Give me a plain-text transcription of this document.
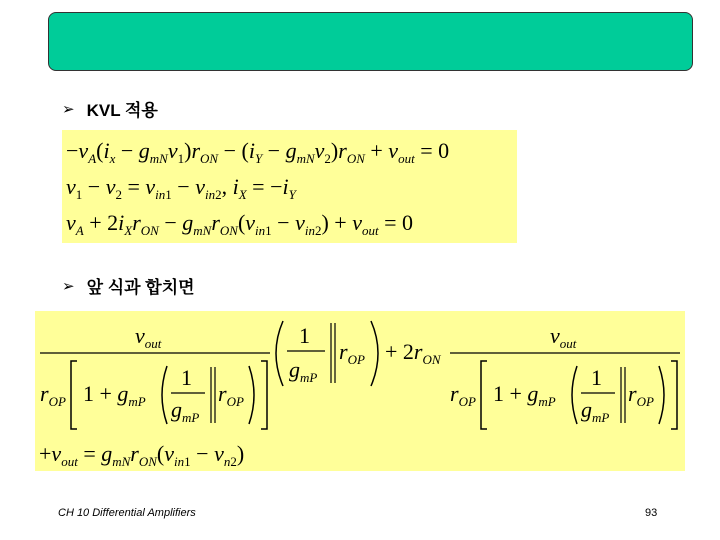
➢ KVL 적용
$-v_A(i_x - g_{mN}v_1)r_{ON} - (i_Y - g_{mN}v_2)r_{ON} + v_{out} = 0$
$v_1 - v_2 = v_{in}1 - v_{in}2$, $i_X = -i_Y$
$v_A + 2i_Xr_{ON} - g_{mN}r_{ON}(v_{in}1 - v_{in}2) + v_{out} = 0$
➢ 앞 식과 합치면
$v_{out}$
$r_{OP}$ $1 + g_{mP}$
1
$g_{mP}$
$r_{OP}$
1
$g_{mP}$
$r_{OP} + 2r_{ON}$
$v_{out}$
$r_{OP}$ $1 + g_{mP}$
1
$g_{mP}$
$r_{OP}$
$+v_{out} = g_{mN}r_{ON}(v_{in}1 - v_n2)$
CH 10 Differential Amplifiers	93
